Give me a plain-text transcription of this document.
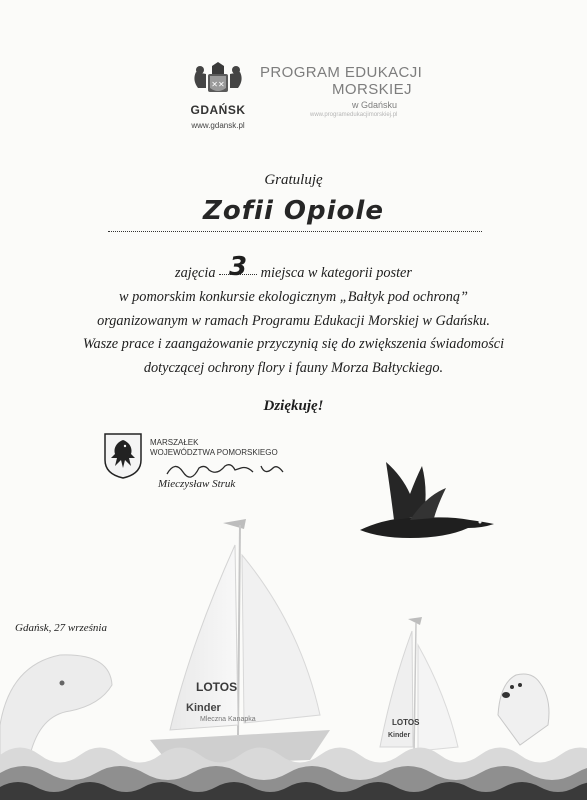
✕✕
GDAŃSK
www.gdansk.pl
PROGRAM EDUKACJI
MORSKIEJ
w Gdańsku
www.programedukacjimorskiej.pl
Gratuluję
Zofii Opiole
zajęcia 3 miejsca w kategorii poster
w pomorskim konkursie ekologicznym „Bałtyk pod ochroną”
organizowanym w ramach Programu Edukacji Morskiej w Gdańsku.
Wasze prace i zaangażowanie przyczynią się do zwiększenia świadomości
dotyczącej ochrony flory i fauny Morza Bałtyckiego.
Dziękuję!
MARSZAŁEK
WOJEWÓDZTWA POMORSKIEGO
Mieczysław Struk
Gdańsk, 27 września
LOTOS
Kinder
Mleczna Kanapka	LOTOS
Kinder
